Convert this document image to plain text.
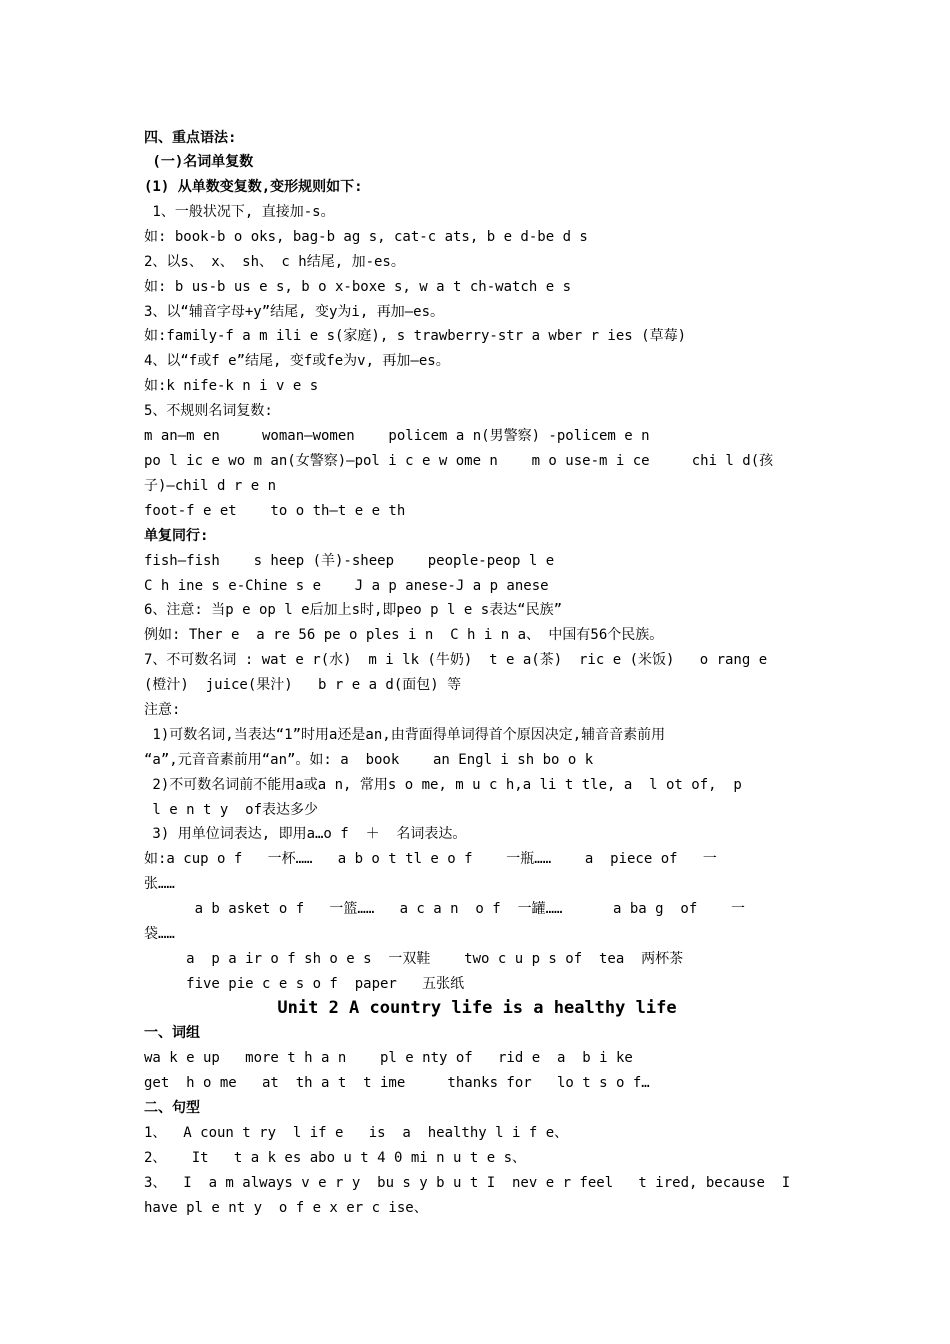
四、重点语法:
(一)名词单复数
(1) 从单数变复数,变形规则如下:
1、一般状况下, 直接加-s。
如: book-b o oks, bag-b ag s, cat-c ats, b e d-be d s
2、以s、 x、 sh、 c h结尾, 加-es。
如: b us-b us e s, b o x-boxe s, w a t ch-watch e s
3、以“辅音字母+y”结尾, 变y为i, 再加—es。
如:family-f a m ili e s(家庭), s trawberry-str a wber r ies (草莓)
4、以“f或f e”结尾, 变f或fe为v, 再加—es。
如:k nife-k n i v e s
5、不规则名词复数:
m an—m en     woman—women    policem a n(男警察) -policem e n
po l ic e wo m an(女警察)—pol i c e w ome n    m o use-m i ce     chi l d(孩
子)—chil d r e n
foot-f e et    to o th—t e e th
单复同行:
fish—fish    s heep (羊)-sheep    people-peop l e
C h ine s e-Chine s e    J a p anese-J a p anese
6、注意: 当p e op l e后加上s时,即peo p l e s表达“民族”
例如: Ther e  a re 56 pe o ples i n  C h i n a、 中国有56个民族。
7、不可数名词 : wat e r(水)  m i lk (牛奶)  t e a(茶)  ric e (米饭)   o rang e
(橙汁)  juice(果汁)   b r e a d(面包) 等
注意:
1)可数名词,当表达“1”时用a还是an,由背面得单词得首个原因决定,辅音音素前用
“a”,元音音素前用“an”。如: a  book    an Engl i sh bo o k
2)不可数名词前不能用a或a n, 常用s o me, m u c h,a li t tle, a  l ot of,  p
l e n t y  of表达多少
3) 用单位词表达, 即用a…o f  ＋  名词表达。
如:a cup o f   一杯……   a b o t tl e o f    一瓶……    a  piece of   一
张……
a b asket o f   一篮……   a c a n  o f  一罐……      a ba g  of    一
袋……
a  p a ir o f sh o e s  一双鞋    two c u p s of  tea  两杯茶
five pie c e s o f  paper   五张纸
Unit 2 A country life is a healthy life
一、词组
wa k e up   more t h a n    pl e nty of   rid e  a  b i ke
get  h o me   at  th a t  t ime     thanks for   lo t s o f…
二、句型
1、  A coun t ry  l if e   is  a  healthy l i f e、
2、   It   t a k es abo u t 4 0 mi n u t e s、
3、  I  a m always v e r y  bu s y b u t I  nev e r feel   t ired, because  I
have pl e nt y  o f e x er c ise、
